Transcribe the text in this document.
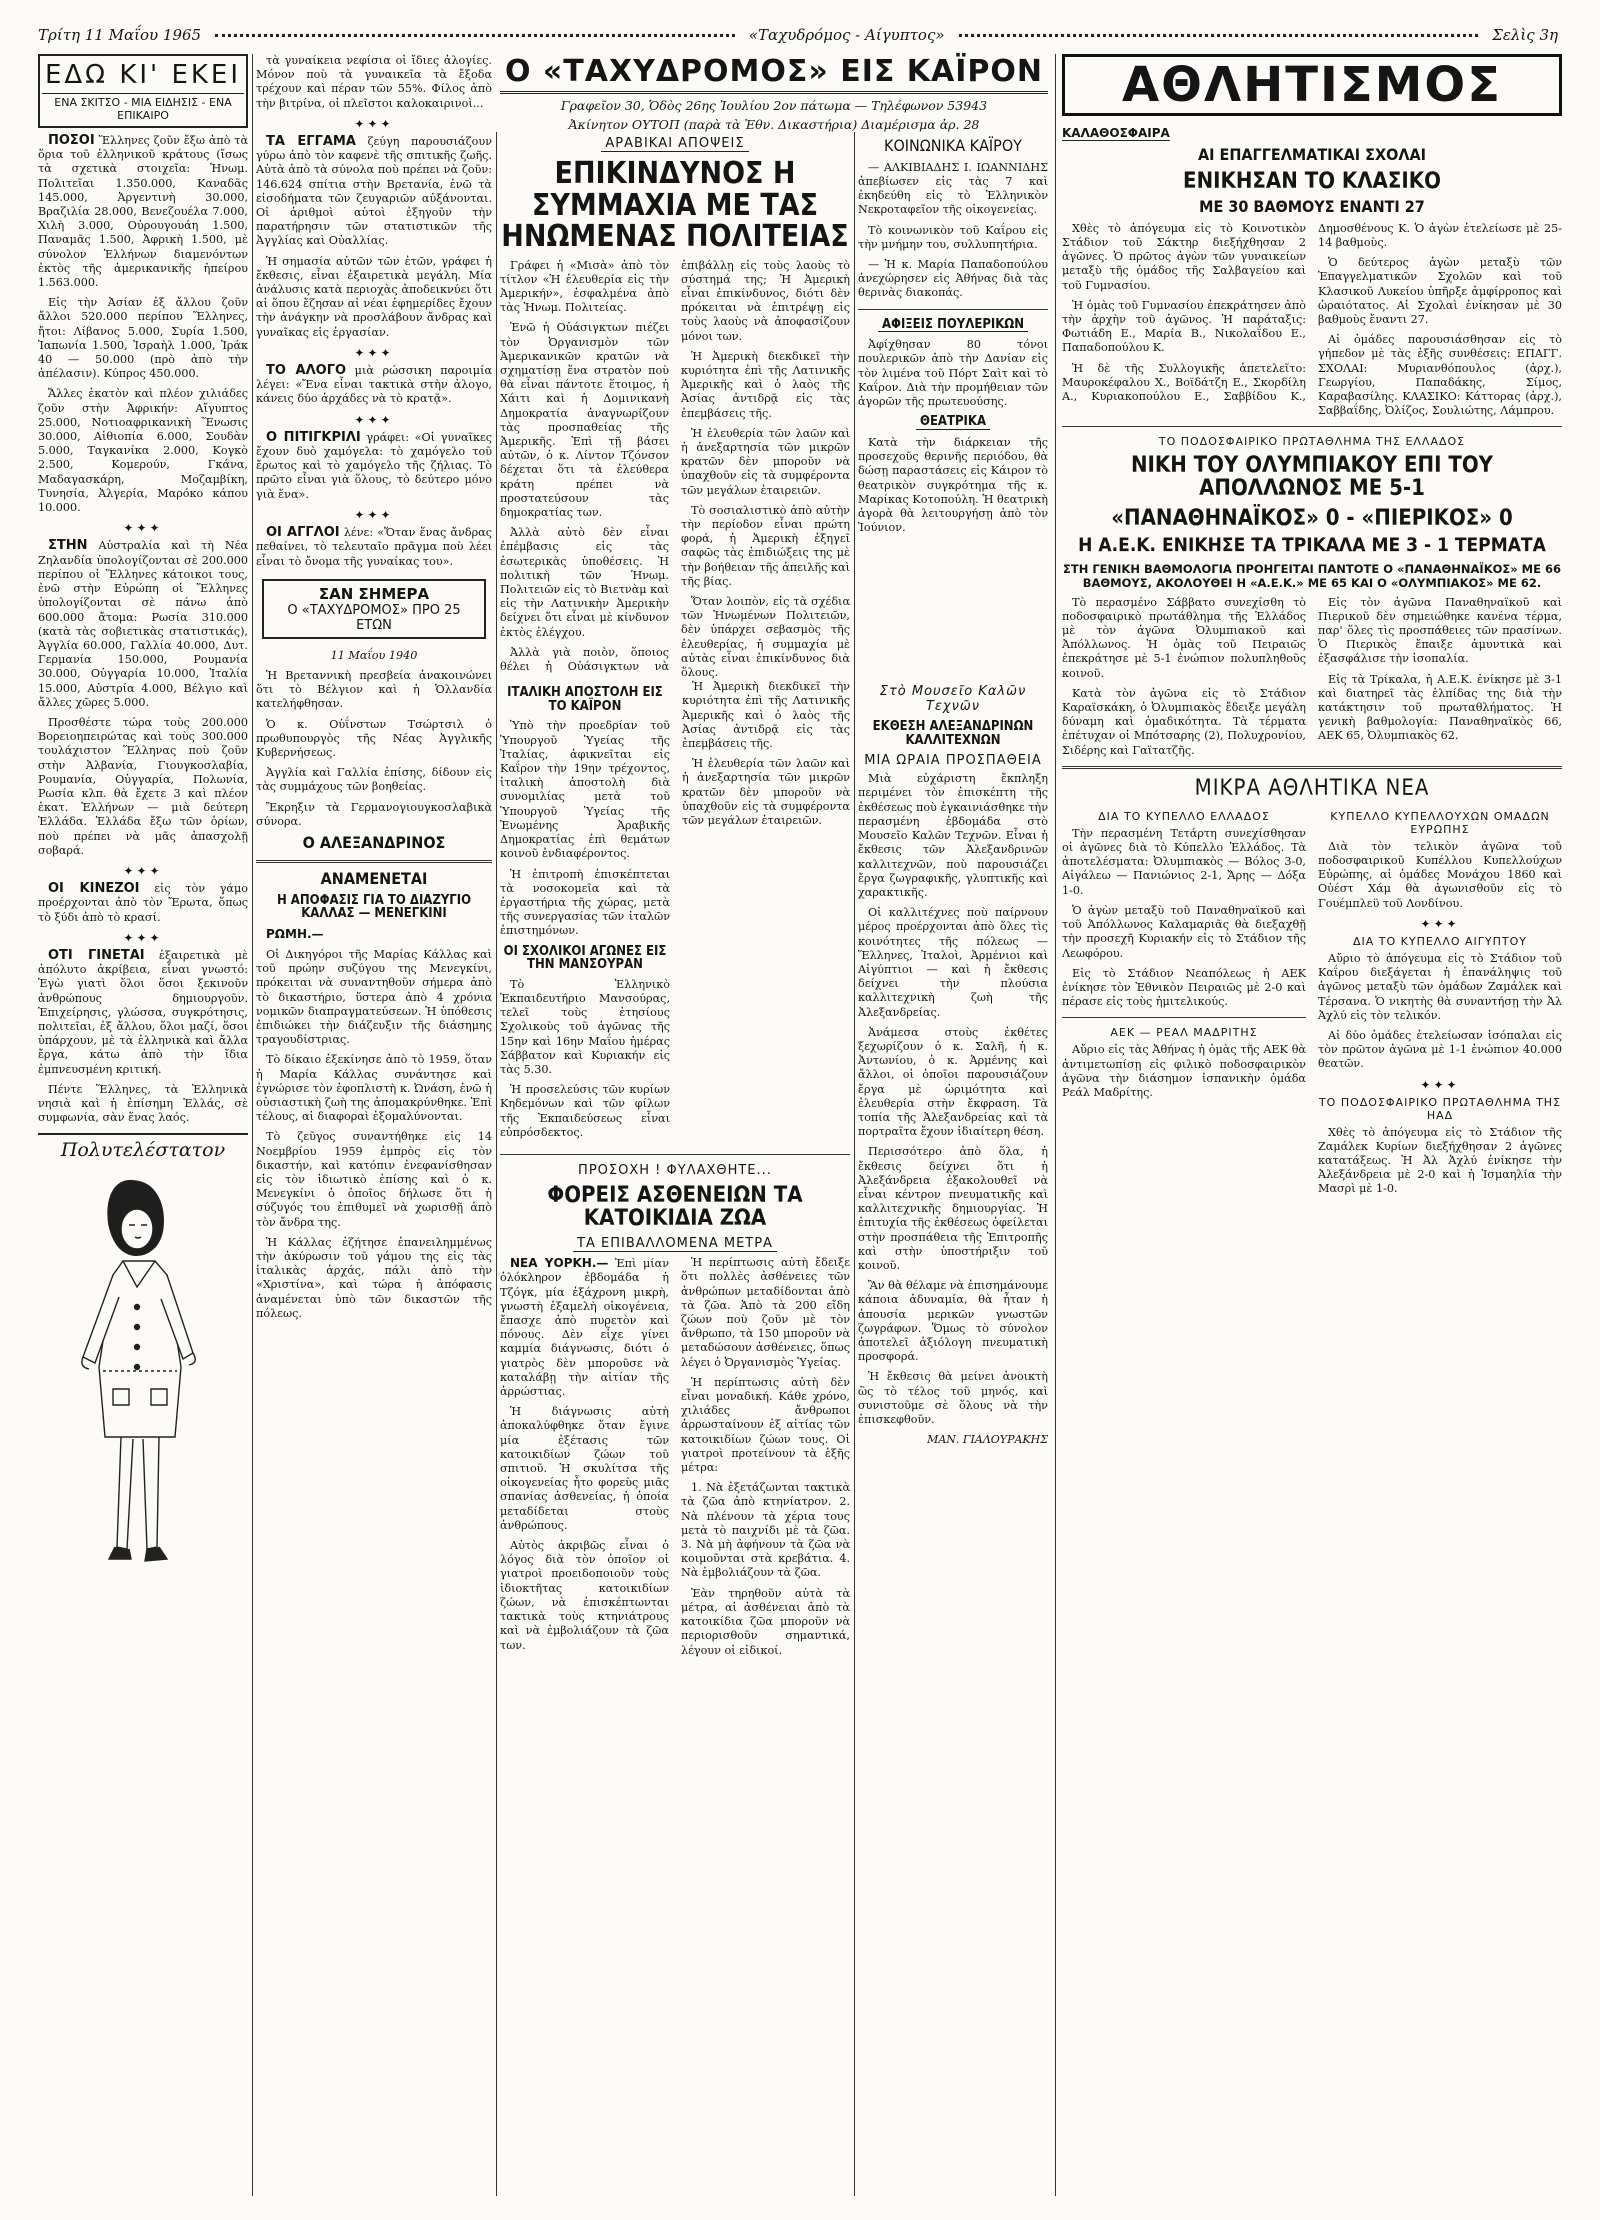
Τρίτη 11 Μαΐου 1965	«Ταχυδρόμος - Αίγυπτος»	Σελὶς 3η
ΕΔΩ ΚΙ' ΕΚΕΙ
ΕΝΑ ΣΚΙΤΣΟ - ΜΙΑ ΕΙΔΗΣΙΣ - ΕΝΑ ΕΠΙΚΑΙΡΟ

ΠΟΣΟΙ Ἕλληνες ζοῦν ἔξω ἀπὸ τὰ ὅρια τοῦ ἑλληνικοῦ κράτους (ἴσως τὰ σχετικὰ στοιχεῖα: Ἡνωμ. Πολιτεῖαι 1.350.000, Καναδᾶς 145.000, Ἀργεντινὴ 30.000, Βραζιλία 28.000, Βενεζουέλα 7.000, Χιλὴ 3.000, Οὐρουγουάη 1.500, Παναμᾶς 1.500, Ἀφρικὴ 1.500, μὲ σύνολον Ἑλλήνων διαμενόντων ἐκτὸς τῆς ἀμερικανικῆς ἠπείρου 1.563.000.

Εἰς τὴν Ἀσίαν ἐξ ἄλλου ζοῦν ἄλλοι 520.000 περίπου Ἕλληνες, ἤτοι: Λίβανος 5.000, Συρία 1.500, Ἰαπωνία 1.500, Ἰσραὴλ 1.000, Ἰράκ 40 — 50.000 (πρὸ ἀπὸ τὴν ἀπέλασιν). Κύπρος 450.000.

Ἄλλες ἑκατὸν καὶ πλέον χιλιάδες ζοῦν στὴν Ἀφρικήν: Αἴγυπτος 25.000, Νοτιοαφρικανικὴ Ἕνωσις 30.000, Αἰθιοπία 6.000, Σουδὰν 5.000, Ταγκανίκα 2.000, Κογκὸ 2.500, Κομερούν, Γκάνα, Μαδαγασκάρη, Μοζαμβίκη, Τυνησία, Ἀλγερία, Μαρόκο κάπου 10.000.

✦✦✦

ΣΤΗΝ Αὐστραλία καὶ τὴ Νέα Ζηλανδία ὑπολογίζονται σὲ 200.000 περίπου οἱ Ἕλληνες κάτοικοι τους, ἐνῶ στὴν Εὐρώπη οἱ Ἕλληνες ὑπολογίζονται σὲ πάνω ἀπὸ 600.000 ἄτομα: Ρωσία 310.000 (κατὰ τὰς σοβιετικὰς στατιστικάς), Ἀγγλία 60.000, Γαλλία 40.000, Δυτ. Γερμανία 150.000, Ρουμανία 30.000, Οὐγγαρία 10.000, Ἰταλία 15.000, Αὐστρία 4.000, Βέλγιο καὶ ἄλλες χῶρες 5.000.

Προσθέστε τώρα τοὺς 200.000 Βορειοηπειρώτας καὶ τοὺς 300.000 τουλάχιστον Ἕλληνας ποὺ ζοῦν στὴν Ἀλβανία, Γιουγκοσλαβία, Ρουμανία, Οὐγγαρία, Πολωνία, Ρωσία κλπ. θὰ ἔχετε 3 καὶ πλέον ἑκατ. Ἑλλήνων — μιὰ δεύτερη Ἑλλάδα. Ἑλλάδα ἔξω τῶν ὁρίων, ποὺ πρέπει νὰ μᾶς ἀπασχολῇ σοβαρά.

✦✦✦

ΟΙ ΚΙΝΕΖΟΙ εἰς τὸν γάμο προέρχονται ἀπὸ τὸν Ἔρωτα, ὅπως τὸ ξύδι ἀπὸ τὸ κρασί.

✦✦✦

ΟΤΙ ΓΙΝΕΤΑΙ ἐξαιρετικὰ μὲ ἀπόλυτο ἀκρίβεια, εἶναι γνωστό: Ἐγὼ γιατὶ ὅλοι ὅσοι ξεκινοῦν ἀνθρώπους δημιουργοῦν. Ἐπιχείρησις, γλώσσα, συγκρότησις, πολιτεῖαι, ἐξ ἄλλου, ὅλοι μαζί, ὅσοι ὑπάρχουν, μὲ τὰ ἑλληνικὰ καὶ ἄλλα ἔργα, κάτω ἀπὸ τὴν ἴδια ἐμπνευσμένη κριτική.

Πέντε Ἕλληνες, τὰ Ἑλληνικὰ νησιὰ καὶ ἡ ἐπίσημη Ἑλλάς, σὲ συμφωνία, σὰν ἕνας λαός.

Πολυτελέστατον

τὰ γυναίκεια νεφίσια οἱ ἴδιες ἀλογίες. Μόνον ποὺ τὰ γυναικεῖα τὰ ἔξοδα τρέχουν καὶ πέραν τῶν 55%. Φίλος ἀπὸ τὴν βιτρίνα, οἱ πλεῖστοι καλοκαιρινοὶ...

✦✦✦

ΤΑ ΕΓΓΑΜΑ ζεύγη παρουσιάζουν γύρω ἀπὸ τὸν καφενὲ τῆς σπιτικῆς ζωῆς. Αὐτὰ ἀπὸ τὰ σύνολα ποὺ πρέπει νὰ ζοῦν: 146.624 σπίτια στὴν Βρετανία, ἐνῶ τὰ εἰσοδήματα τῶν ζευγαριῶν αὐξάνονται. Οἱ ἀριθμοὶ αὐτοὶ ἐξηγοῦν τὴν παρατήρησιν τῶν στατιστικῶν τῆς Ἀγγλίας καὶ Οὐαλλίας.

Ἡ σημασία αὐτῶν τῶν ἐτῶν, γράφει ἡ ἔκθεσις, εἶναι ἐξαιρετικὰ μεγάλη. Μία ἀνάλυσις κατὰ περιοχὰς ἀποδεικνύει ὅτι αἱ ὅπου ἔζησαν αἱ νέαι ἐφημερίδες ἔχουν τὴν ἀνάγκην νὰ προσλάβουν ἄνδρας καὶ γυναῖκας εἰς ἐργασίαν.

✦✦✦

ΤΟ ΑΛΟΓΟ μιὰ ρώσσικη παροιμία λέγει: «Ἔνα εἶναι τακτικὰ στὴν ἀλογο, κάνεις δύο ἀρχάδες νὰ τὸ κρατᾷ».

✦✦✦

Ο ΠΙΤΙΓΚΡΙΛΙ γράφει: «Οἱ γυναῖκες ἔχουν δυὸ χαμόγελα: τὸ χαμόγελο τοῦ ἔρωτος καὶ τὸ χαμόγελο τῆς ζήλιας. Τὸ πρῶτο εἶναι γιὰ ὅλους, τὸ δεύτερο μόνο γιὰ ἕνα».

✦✦✦

ΟΙ ΑΓΓΛΟΙ λένε: «Ὅταν ἕνας ἄνδρας πεθαίνει, τὸ τελευταῖο πρᾶγμα ποὺ λέει εἶναι τὸ ὄνομα τῆς γυναίκας του».

ΣΑΝ ΣΗΜΕΡΑ
Ο «ΤΑΧΥΔΡΟΜΟΣ» ΠΡΟ 25 ΕΤΩΝ

11 Μαΐου 1940

Ἡ Βρεταννικὴ πρεσβεία ἀνακοινώνει ὅτι τὸ Βέλγιον καὶ ἡ Ὁλλανδία κατελήφθησαν.

Ὁ κ. Οὐΐνστων Τσώρτσιλ ὁ πρωθυπουργὸς τῆς Νέας Ἀγγλικῆς Κυβερνήσεως.

Ἀγγλία καὶ Γαλλία ἐπίσης, δίδουν εἰς τὰς συμμάχους τῶν βοηθείας.

Ἔκρηξιν τὰ Γερμανογιουγκοσλαβικὰ σύνορα.

Ο ΑΛΕΞΑΝΔΡΙΝΟΣ
ΑΝΑΜΕΝΕΤΑΙ
Η ΑΠΟΦΑΣΙΣ ΓΙΑ ΤΟ ΔΙΑΖΥΓΙΟ ΚΑΛΛΑΣ — ΜΕΝΕΓΚΙΝΙ

ΡΩΜΗ.—

Οἱ Δικηγόροι τῆς Μαρίας Κάλλας καὶ τοῦ πρώην συζύγου της Μενεγκίνι, πρόκειται νὰ συναντηθοῦν σήμερα ἀπὸ τὸ δικαστήριο, ὕστερα ἀπὸ 4 χρόνια νομικῶν διαπραγματεύσεων. Ἡ ὑπόθεσις ἐπιδιώκει τὴν διάζευξιν τῆς διάσημης τραγουδίστριας.

Τὸ δίκαιο ἐξεκίνησε ἀπὸ τὸ 1959, ὅταν ἡ Μαρία Κάλλας συνάντησε καὶ ἐγνώρισε τὸν ἐφοπλιστὴ κ. Ὠνάση, ἐνῶ ἡ οὐσιαστικὴ ζωὴ της ἀπομακρύνθηκε. Ἐπὶ τέλους, αἱ διαφοραὶ ἐξομαλύνονται.

Τὸ ζεῦγος συναντήθηκε εἰς 14 Νοεμβρίου 1959 ἐμπρὸς εἰς τὸν δικαστήν, καὶ κατόπιν ἐνεφανίσθησαν εἰς τὸν ἰδιωτικὸ ἐπίσης καὶ ὁ κ. Μενεγκίνι ὁ ὁποῖος δήλωσε ὅτι ἡ σύζυγός του ἐπιθυμεῖ νὰ χωρισθῇ ἀπὸ τὸν ἄνδρα της.

Ἡ Κάλλας ἐζήτησε ἐπανειλημμένως τὴν ἀκύρωσιν τοῦ γάμου της εἰς τὰς ἱταλικὰς ἀρχάς, πάλι ἀπὸ τὴν «Χριστίνα», καὶ τώρα ἡ ἀπόφασις ἀναμένεται ὑπὸ τῶν δικαστῶν τῆς πόλεως.

Ο «ΤΑΧΥΔΡΟΜΟΣ» ΕΙΣ ΚΑΪΡΟΝ
Γραφεῖον 30, Ὁδὸς 26ης Ἰουλίου 2ον πάτωμα — Τηλέφωνον 53943
Ἀκίνητον ΟΥΤΟΠ (παρὰ τὰ Ἐθν. Δικαστήρια) Διαμέρισμα ἀρ. 28
ΑΡΑΒΙΚΑΙ ΑΠΟΨΕΙΣ
ΕΠΙΚΙΝΔΥΝΟΣ Η ΣΥΜΜΑΧΙΑ ΜΕ ΤΑΣ ΗΝΩΜΕΝΑΣ ΠΟΛΙΤΕΙΑΣ

Γράφει ἡ «Μισὰ» ἀπὸ τὸν τίτλον «Ἡ ἐλευθερία εἰς τὴν Ἀμερικήν», ἐσφαλμένα ἀπὸ τὰς Ἡνωμ. Πολιτείας.

Ἐνῶ ἡ Οὐάσιγκτων πιέζει τὸν Ὀργανισμὸν τῶν Ἀμερικανικῶν κρατῶν νὰ σχηματίσῃ ἕνα στρατὸν ποὺ θὰ εἶναι πάντοτε ἕτοιμος, ἡ Χάιτι καὶ ἡ Δομινικανὴ Δημοκρατία ἀναγνωρίζουν τὰς προσπαθείας τῆς Ἀμερικῆς. Ἐπὶ τῇ βάσει αὐτῶν, ὁ κ. Λίντον Τζόνσον δέχεται ὅτι τὰ ἐλεύθερα κράτη πρέπει νὰ προστατεύσουν τὰς δημοκρατίας των.

Ἀλλὰ αὐτὸ δὲν εἶναι ἐπέμβασις εἰς τὰς ἐσωτερικὰς ὑποθέσεις. Ἡ πολιτικὴ τῶν Ἡνωμ. Πολιτειῶν εἰς τὸ Βιετνὰμ καὶ εἰς τὴν Λατινικὴν Ἀμερικὴν δείχνει ὅτι εἶναι μὲ κίνδυνον ἐκτὸς ἐλέγχου.

Ἀλλὰ γιὰ ποιὸν, ὅποιος θέλει ἡ Οὐάσιγκτων νὰ ἐπιβάλλῃ εἰς τοὺς λαοὺς τὸ σύστημά της; Ἡ Ἀμερικὴ εἶναι ἐπικίνδυνος, διότι δὲν πρόκειται νὰ ἐπιτρέψῃ εἰς τοὺς λαοὺς νὰ ἀποφασίζουν μόνοι των.

Ἡ Ἀμερικὴ διεκδικεῖ τὴν κυριότητα ἐπὶ τῆς Λατινικῆς Ἀμερικῆς καὶ ὁ λαὸς τῆς Ἀσίας ἀντιδρᾷ εἰς τὰς ἐπεμβάσεις τῆς.

Ἡ ἐλευθερία τῶν λαῶν καὶ ἡ ἀνεξαρτησία τῶν μικρῶν κρατῶν δὲν μποροῦν νὰ ὑπαχθοῦν εἰς τὰ συμφέροντα τῶν μεγάλων ἐταιρειῶν.

Τὸ σοσιαλιστικὸ ἀπὸ αὐτὴν τὴν περίοδον εἶναι πρώτη φορά, ἡ Ἀμερικὴ ἐξηγεῖ σαφῶς τὰς ἐπιδιώξεις της μὲ τὴν βοήθειαν τῆς ἀπειλῆς καὶ τῆς βίας.

Ὅταν λοιπὸν, εἰς τὰ σχέδια τῶν Ἡνωμένων Πολιτειῶν, δὲν ὑπάρχει σεβασμὸς τῆς ἐλευθερίας, ἡ συμμαχία μὲ αὐτὰς εἶναι ἐπικίνδυνος διὰ ὅλους.

ΙΤΑΛΙΚΗ ΑΠΟΣΤΟΛΗ ΕΙΣ ΤΟ ΚΑΪΡΟΝ

Ὑπὸ τὴν προεδρίαν τοῦ Ὑπουργοῦ Ὑγείας τῆς Ἰταλίας, ἀφικνεῖται εἰς Καΐρον τὴν 19ην τρέχοντος, ἰταλικὴ ἀποστολὴ διὰ συνομιλίας μετὰ τοῦ Ὑπουργοῦ Ὑγείας τῆς Ἐνωμένης Ἀραβικῆς Δημοκρατίας ἐπὶ θεμάτων κοινοῦ ἐνδιαφέροντος.

Ἡ ἐπιτροπὴ ἐπισκέπτεται τὰ νοσοκομεῖα καὶ τὰ ἐργαστήρια τῆς χώρας, μετὰ τῆς συνεργασίας τῶν ἰταλῶν ἐπιστημόνων.

ΟΙ ΣΧΟΛΙΚΟΙ ΑΓΩΝΕΣ ΕΙΣ ΤΗΝ ΜΑΝΣΟΥΡΑΝ

Τὸ Ἑλληνικὸ Ἐκπαιδευτήριο Μανσούρας, τελεῖ τοὺς ἐτησίους Σχολικοὺς τοῦ ἀγῶνας τῆς 15ην καὶ 16ην Μαΐου ἡμέρας Σάββατον καὶ Κυριακήν εἰς τὰς 5.30.

Ἡ προσελεύσις τῶν κυρίων Κηδεμόνων καὶ τῶν φίλων τῆς Ἐκπαιδεύσεως εἶναι εὐπρόσδεκτος.

Ἡ Ἀμερικὴ διεκδικεῖ τὴν κυριότητα ἐπὶ τῆς Λατινικῆς Ἀμερικῆς καὶ ὁ λαὸς τῆς Ἀσίας ἀντιδρᾷ εἰς τὰς ἐπεμβάσεις τῆς.

Ἡ ἐλευθερία τῶν λαῶν καὶ ἡ ἀνεξαρτησία τῶν μικρῶν κρατῶν δὲν μποροῦν νὰ ὑπαχθοῦν εἰς τὰ συμφέροντα τῶν μεγάλων ἐταιρειῶν.

ΠΡΟΣΟΧΗ ! ΦΥΛΑΧΘΗΤΕ...
ΦΟΡΕΙΣ ΑΣΘΕΝΕΙΩΝ ΤΑ ΚΑΤΟΙΚΙΔΙΑ ΖΩΑ
ΤΑ ΕΠΙΒΑΛΛΟΜΕΝΑ ΜΕΤΡΑ

ΝΕΑ ΥΟΡΚΗ.— Ἐπὶ μίαν ὁλόκληρον ἐβδομάδα ἡ Τζόγκ, μία ἐξάχρονη μικρὴ, γνωστὴ ἑξαμελὴ οἰκογένεια, ἔπασχε ἀπὸ πυρετὸν καὶ πόνους. Δὲν εἶχε γίνει καμμία διάγνωσις, διότι ὁ γιατρὸς δὲν μποροῦσε νὰ καταλάβῃ τὴν αἰτίαν τῆς ἀρρώστιας.

Ἡ διάγνωσις αὐτὴ ἀποκαλύφθηκε ὅταν ἔγινε μία ἐξέτασις τῶν κατοικιδίων ζώων τοῦ σπιτιοῦ. Ἡ σκυλίτσα τῆς οἰκογενείας ἦτο φορεὺς μιᾶς σπανίας ἀσθενείας, ἡ ὁποία μεταδίδεται στοὺς ἀνθρώπους.

Αὐτὸς ἀκριβῶς εἶναι ὁ λόγος διὰ τὸν ὁποῖον οἱ γιατροὶ προειδοποιοῦν τοὺς ἰδιοκτῆτας κατοικιδίων ζώων, νὰ ἐπισκέπτωνται τακτικὰ τοὺς κτηνιάτρους καὶ νὰ ἐμβολιάζουν τὰ ζῶα των.

Ἡ περίπτωσις αὐτὴ ἔδειξε ὅτι πολλὲς ἀσθένειες τῶν ἀνθρώπων μεταδίδονται ἀπὸ τὰ ζῶα. Ἀπὸ τὰ 200 εἴδη ζώων ποὺ ζοῦν μὲ τὸν ἄνθρωπο, τὰ 150 μποροῦν νὰ μεταδώσουν ἀσθένειες, ὅπως λέγει ὁ Ὀργανισμὸς Ὑγείας.

Ἡ περίπτωσις αὐτὴ δὲν εἶναι μοναδική. Κάθε χρόνο, χιλιάδες ἄνθρωποι ἀρρωσταίνουν ἐξ αἰτίας τῶν κατοικιδίων ζώων τους. Οἱ γιατροὶ προτείνουν τὰ ἑξῆς μέτρα:

1. Νὰ ἐξετάζωνται τακτικὰ τὰ ζῶα ἀπὸ κτηνίατρον. 2. Νὰ πλένουν τὰ χέρια τους μετὰ τὸ παιχνίδι μὲ τὰ ζῶα. 3. Νὰ μὴ ἀφήνουν τὰ ζῶα νὰ κοιμοῦνται στὰ κρεβάτια. 4. Νὰ ἐμβολιάζουν τὰ ζῶα.

Ἐὰν τηρηθοῦν αὐτὰ τὰ μέτρα, αἱ ἀσθένειαι ἀπὸ τὰ κατοικίδια ζῶα μποροῦν νὰ περιορισθοῦν σημαντικά, λέγουν οἱ εἰδικοί.

ΚΟΙΝΩΝΙΚΑ ΚΑΪΡΟΥ

— ΑΛΚΙΒΙΑΔΗΣ Ι. ΙΩΑΝΝΙΔΗΣ ἀπεβίωσεν εἰς τὰς 7 καὶ ἐκηδεύθη εἰς τὸ Ἐλληνικὸν Νεκροταφεῖον τῆς οἰκογενείας.

Τὸ κοινωνικὸν τοῦ Καΐρου εἰς τὴν μνήμην του, συλλυπητήρια.

— Ἡ κ. Μαρία Παπαδοπούλου ἀνεχώρησεν εἰς Ἀθήνας διὰ τὰς θερινὰς διακοπάς.

ΑΦΙΞΕΙΣ ΠΟΥΛΕΡΙΚΩΝ

Ἀφίχθησαν 80 τόνοι πουλερικῶν ἀπὸ τὴν Δανίαν εἰς τὸν λιμένα τοῦ Πόρτ Σαὶτ καὶ τὸ Καΐρον. Διὰ τὴν προμήθειαν τῶν ἀγορῶν τῆς πρωτευούσης.

ΘΕΑΤΡΙΚΑ

Κατὰ τὴν διάρκειαν τῆς προσεχοῦς θερινῆς περιόδου, θὰ δώσῃ παραστάσεις εἰς Κάιρον τὸ θεατρικὸν συγκρότημα τῆς κ. Μαρίκας Κοτοπούλη. Ἡ θεατρικὴ ἀγορὰ θὰ λειτουργήσῃ ἀπὸ τὸν Ἰούνιον.

Στὸ Μουσεῖο Καλῶν Τεχνῶν
ΕΚΘΕΣΗ ΑΛΕΞΑΝΔΡΙΝΩΝ ΚΑΛΛΙΤΕΧΝΩΝ
ΜΙΑ ΩΡΑΙΑ ΠΡΟΣΠΑΘΕΙΑ

Μιὰ εὐχάριστη ἔκπληξη περιμένει τὸν ἐπισκέπτη τῆς ἐκθέσεως ποὺ ἐγκαινιάσθηκε τὴν περασμένη ἑβδομάδα στὸ Μουσεῖο Καλῶν Τεχνῶν. Εἶναι ἡ ἔκθεσις τῶν Ἀλεξανδρινῶν καλλιτεχνῶν, ποὺ παρουσιάζει ἔργα ζωγραφικῆς, γλυπτικῆς καὶ χαρακτικῆς.

Οἱ καλλιτέχνες ποὺ παίρνουν μέρος προέρχονται ἀπὸ ὅλες τὶς κοινότητες τῆς πόλεως — Ἕλληνες, Ἰταλοὶ, Ἀρμένιοι καὶ Αἰγύπτιοι — καὶ ἡ ἔκθεσις δείχνει τὴν πλούσια καλλιτεχνικὴ ζωὴ τῆς Ἀλεξανδρείας.

Ἀνάμεσα στοὺς ἐκθέτες ξεχωρίζουν ὁ κ. Σαλῆ, ἡ κ. Ἀντωνίου, ὁ κ. Ἀρμένης καὶ ἄλλοι, οἱ ὁποῖοι παρουσιάζουν ἔργα μὲ ὡριμότητα καὶ ἐλευθερία στὴν ἔκφραση. Τὰ τοπία τῆς Ἀλεξανδρείας καὶ τὰ πορτραῖτα ἔχουν ἰδιαίτερη θέση.

Περισσότερο ἀπὸ ὅλα, ἡ ἔκθεσις δείχνει ὅτι ἡ Ἀλεξάνδρεια ἐξακολουθεῖ νὰ εἶναι κέντρον πνευματικῆς καὶ καλλιτεχνικῆς δημιουργίας. Ἡ ἐπιτυχία τῆς ἐκθέσεως ὀφείλεται στὴν προσπάθεια τῆς Ἐπιτροπῆς καὶ στὴν ὑποστήριξιν τοῦ κοινοῦ.

Ἂν θὰ θέλαμε νὰ ἐπισημάνουμε κάποια ἀδυναμία, θὰ ἦταν ἡ ἀπουσία μερικῶν γνωστῶν ζωγράφων. Ὅμως τὸ σύνολον ἀποτελεῖ ἀξιόλογη πνευματικὴ προσφορά.

Ἡ ἔκθεσις θὰ μείνει ἀνοικτὴ ὣς τὸ τέλος τοῦ μηνός, καὶ συνιστοῦμε σὲ ὅλους νὰ τὴν ἐπισκεφθοῦν.

ΜΑΝ. ΓΙΑΛΟΥΡΑΚΗΣ
ΑΘΛΗΤΙΣΜΟΣ
ΚΑΛΑΘΟΣΦΑΙΡΑ
ΑΙ ΕΠΑΓΓΕΛΜΑΤΙΚΑΙ ΣΧΟΛΑΙ
ΕΝΙΚΗΣΑΝ ΤΟ ΚΛΑΣΙΚΟ
ΜΕ 30 ΒΑΘΜΟΥΣ ΕΝΑΝΤΙ 27

Χθὲς τὸ ἀπόγευμα εἰς τὸ Κοινοτικὸν Στάδιον τοῦ Σάκτηρ διεξήχθησαν 2 ἀγῶνες. Ὁ πρῶτος ἀγὼν τῶν γυναικείων μεταξὺ τῆς ὁμάδος τῆς Σαλβαγείου καὶ τοῦ Γυμνασίου.

Ἡ ὁμὰς τοῦ Γυμνασίου ἐπεκράτησεν ἀπὸ τὴν ἀρχὴν τοῦ ἀγῶνος. Ἡ παράταξις: Φωτιάδη Ε., Μαρία Β., Νικολαΐδου Ε., Παπαδοπούλου Κ.

Ἡ δὲ τῆς Συλλογικῆς ἀπετελεῖτο: Μαυροκέφαλου Χ., Βοϊδάτζη Ε., Σκορδίλη Α., Κυριακοπούλου Ε., Σαββίδου Κ., Δημοσθένους Κ. Ὁ ἀγὼν ἐτελείωσε μὲ 25-14 βαθμοὺς.

Ὁ δεύτερος ἀγὼν μεταξὺ τῶν Ἐπαγγελματικῶν Σχολῶν καὶ τοῦ Κλασικοῦ Λυκείου ὑπῆρξε ἀμφίρροπος καὶ ὡραιότατος. Αἱ Σχολαὶ ἐνίκησαν μὲ 30 βαθμοὺς ἔναντι 27.

Αἱ ὁμάδες παρουσιάσθησαν εἰς τὸ γήπεδον μὲ τὰς ἑξῆς συνθέσεις: ΕΠΑΓΓ. ΣΧΟΛΑΙ: Μυριανθόπουλος (ἀρχ.), Γεωργίου, Παπαδάκης, Σίμος, Καραβασίλης. ΚΛΑΣΙΚΟ: Κάττορας (ἀρχ.), Σαββαΐδης, Ὀλίζος, Σουλιώτης, Λάμπρου.

ΤΟ ΠΟΔΟΣΦΑΙΡΙΚΟ ΠΡΩΤΑΘΛΗΜΑ ΤΗΣ ΕΛΛΑΔΟΣ
ΝΙΚΗ ΤΟΥ ΟΛΥΜΠΙΑΚΟΥ ΕΠΙ ΤΟΥ ΑΠΟΛΛΩΝΟΣ ΜΕ 5-1
«ΠΑΝΑΘΗΝΑΪΚΟΣ» 0 - «ΠΙΕΡΙΚΟΣ» 0
Η Α.Ε.Κ. ΕΝΙΚΗΣΕ ΤΑ ΤΡΙΚΑΛΑ ΜΕ 3 - 1 ΤΕΡΜΑΤΑ
ΣΤΗ ΓΕΝΙΚΗ ΒΑΘΜΟΛΟΓΙΑ ΠΡΟΗΓΕΙΤΑΙ ΠΑΝΤΟΤΕ Ο «ΠΑΝΑΘΗΝΑΪΚΟΣ» ΜΕ 66 ΒΑΘΜΟΥΣ, ΑΚΟΛΟΥΘΕΙ Η «Α.Ε.Κ.» ΜΕ 65 ΚΑΙ Ο «ΟΛΥΜΠΙΑΚΟΣ» ΜΕ 62.

Τὸ περασμένο Σάββατο συνεχίσθη τὸ ποδοσφαιρικὸ πρωτάθλημα τῆς Ἑλλάδος μὲ τὸν ἀγῶνα Ὀλυμπιακοῦ καὶ Ἀπόλλωνος. Ἡ ὁμὰς τοῦ Πειραιῶς ἐπεκράτησε μὲ 5-1 ἐνώπιον πολυπληθοῦς κοινοῦ.

Κατὰ τὸν ἀγῶνα εἰς τὸ Στάδιον Καραϊσκάκη, ὁ Ὀλυμπιακὸς ἔδειξε μεγάλη δύναμη καὶ ὁμαδικότητα. Τὰ τέρματα ἐπέτυχαν οἱ Μπότσαρης (2), Πολυχρονίου, Σιδέρης καὶ Γαϊτατζῆς.

Εἰς τὸν ἀγῶνα Παναθηναϊκοῦ καὶ Πιερικοῦ δὲν σημειώθηκε κανένα τέρμα, παρ' ὅλες τὶς προσπάθειες τῶν πρασίνων. Ὁ Πιερικὸς ἔπαιξε ἀμυντικὰ καὶ ἐξασφάλισε τὴν ἰσοπαλία.

Εἰς τὰ Τρίκαλα, ἡ Α.Ε.Κ. ἐνίκησε μὲ 3-1 καὶ διατηρεῖ τὰς ἐλπίδας της διὰ τὴν κατάκτησιν τοῦ πρωταθλήματος. Ἡ γενικὴ βαθμολογία: Παναθηναϊκὸς 66, ΑΕΚ 65, Ὀλυμπιακὸς 62.

ΜΙΚΡΑ ΑΘΛΗΤΙΚΑ ΝΕΑ
ΔΙΑ ΤΟ ΚΥΠΕΛΛΟ ΕΛΛΑΔΟΣ

Τὴν περασμένη Τετάρτη συνεχίσθησαν οἱ ἀγῶνες διὰ τὸ Κύπελλο Ἑλλάδος. Τὰ ἀποτελέσματα: Ὀλυμπιακὸς — Βόλος 3-0, Αἰγάλεω — Πανιώνιος 2-1, Ἄρης — Δόξα 1-0.

Ὁ ἀγὼν μεταξὺ τοῦ Παναθηναϊκοῦ καὶ τοῦ Ἀπόλλωνος Καλαμαριᾶς θὰ διεξαχθῇ τὴν προσεχῆ Κυριακήν εἰς τὸ Στάδιον τῆς Λεωφόρου.

Εἰς τὸ Στάδιον Νεαπόλεως ἡ ΑΕΚ ἐνίκησε τὸν Ἐθνικὸν Πειραιῶς μὲ 2-0 καὶ πέρασε εἰς τοὺς ἡμιτελικούς.

ΑΕΚ — ΡΕΑΛ ΜΑΔΡΙΤΗΣ

Αὔριο εἰς τὰς Ἀθήνας ἡ ὁμὰς τῆς ΑΕΚ θὰ ἀντιμετωπίσῃ εἰς φιλικὸ ποδοσφαιρικὸν ἀγῶνα τὴν διάσημον ἰσπανικὴν ὁμάδα Ρεάλ Μαδρίτης.

ΚΥΠΕΛΛΟ ΚΥΠΕΛΛΟΥΧΩΝ ΟΜΑΔΩΝ ΕΥΡΩΠΗΣ

Διὰ τὸν τελικὸν ἀγῶνα τοῦ ποδοσφαιρικοῦ Κυπέλλου Κυπελλούχων Εὐρώπης, αἱ ὁμάδες Μονάχου 1860 καὶ Οὐέστ Χάμ θὰ ἀγωνισθοῦν εἰς τὸ Γουέμπλεϋ τοῦ Λονδίνου.

✦✦✦
ΔΙΑ ΤΟ ΚΥΠΕΛΛΟ ΑΙΓΥΠΤΟΥ

Αὔριο τὸ ἀπόγευμα εἰς τὸ Στάδιον τοῦ Καΐρου διεξάγεται ἡ ἐπανάληψις τοῦ ἀγῶνος μεταξὺ τῶν ὁμάδων Ζαμάλεκ καὶ Τέρσανα. Ὁ νικητὴς θὰ συναντήσῃ τὴν Ἀλ Ἀχλύ εἰς τὸν τελικόν.

Αἱ δύο ὁμάδες ἐτελείωσαν ἰσόπαλαι εἰς τὸν πρῶτον ἀγῶνα μὲ 1-1 ἐνώπιον 40.000 θεατῶν.

✦✦✦
ΤΟ ΠΟΔΟΣΦΑΙΡΙΚΟ ΠΡΩΤΑΘΛΗΜΑ ΤΗΣ ΗΑΔ

Χθὲς τὸ ἀπόγευμα εἰς τὸ Στάδιον τῆς Ζαμάλεκ Κυρίων διεξήχθησαν 2 ἀγῶνες κατατάξεως. Ἡ Ἀλ Ἀχλύ ἐνίκησε τὴν Ἀλεξάνδρεια μὲ 2-0 καὶ ἡ Ἰσμαηλία τὴν Μασρὶ μὲ 1-0.
